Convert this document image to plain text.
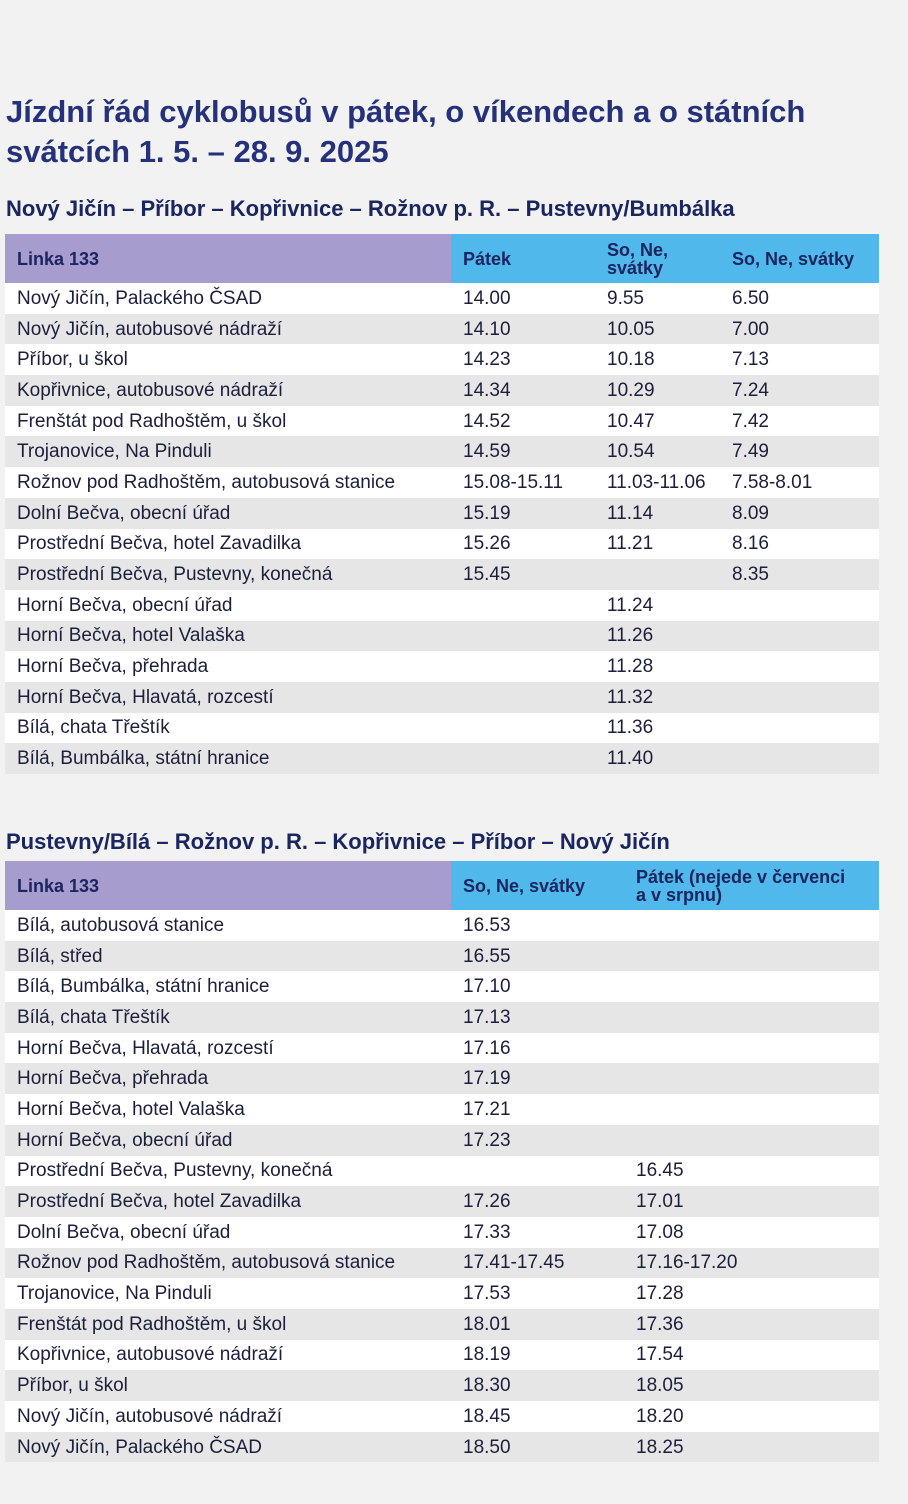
Jízdní řád cyklobusů v pátek, o víkendech a o státních svátcích 1. 5. – 28. 9. 2025
Nový Jičín – Příbor – Kopřivnice – Rožnov p. R. – Pustevny/Bumbálka
Linka 133	Pátek	So, Ne, svátky	So, Ne, svátky
Nový Jičín, Palackého ČSAD	14.00	9.55	6.50
Nový Jičín, autobusové nádraží	14.10	10.05	7.00
Příbor, u škol	14.23	10.18	7.13
Kopřivnice, autobusové nádraží	14.34	10.29	7.24
Frenštát pod Radhoštěm, u škol	14.52	10.47	7.42
Trojanovice, Na Pinduli	14.59	10.54	7.49
Rožnov pod Radhoštěm, autobusová stanice	15.08-15.11	11.03-11.06	7.58-8.01
Dolní Bečva, obecní úřad	15.19	11.14	8.09
Prostřední Bečva, hotel Zavadilka	15.26	11.21	8.16
Prostřední Bečva, Pustevny, konečná	15.45		8.35
Horní Bečva, obecní úřad		11.24	
Horní Bečva, hotel Valaška		11.26	
Horní Bečva, přehrada		11.28	
Horní Bečva, Hlavatá, rozcestí		11.32	
Bílá, chata Třeštík		11.36	
Bílá, Bumbálka, státní hranice		11.40	
Pustevny/Bílá – Rožnov p. R. – Kopřivnice – Příbor – Nový Jičín
Linka 133	So, Ne, svátky	Pátek (nejede v červenci a v srpnu)
Bílá, autobusová stanice	16.53	
Bílá, střed	16.55	
Bílá, Bumbálka, státní hranice	17.10	
Bílá, chata Třeštík	17.13	
Horní Bečva, Hlavatá, rozcestí	17.16	
Horní Bečva, přehrada	17.19	
Horní Bečva, hotel Valaška	17.21	
Horní Bečva, obecní úřad	17.23	
Prostřední Bečva, Pustevny, konečná		16.45
Prostřední Bečva, hotel Zavadilka	17.26	17.01
Dolní Bečva, obecní úřad	17.33	17.08
Rožnov pod Radhoštěm, autobusová stanice	17.41-17.45	17.16-17.20
Trojanovice, Na Pinduli	17.53	17.28
Frenštát pod Radhoštěm, u škol	18.01	17.36
Kopřivnice, autobusové nádraží	18.19	17.54
Příbor, u škol	18.30	18.05
Nový Jičín, autobusové nádraží	18.45	18.20
Nový Jičín, Palackého ČSAD	18.50	18.25
